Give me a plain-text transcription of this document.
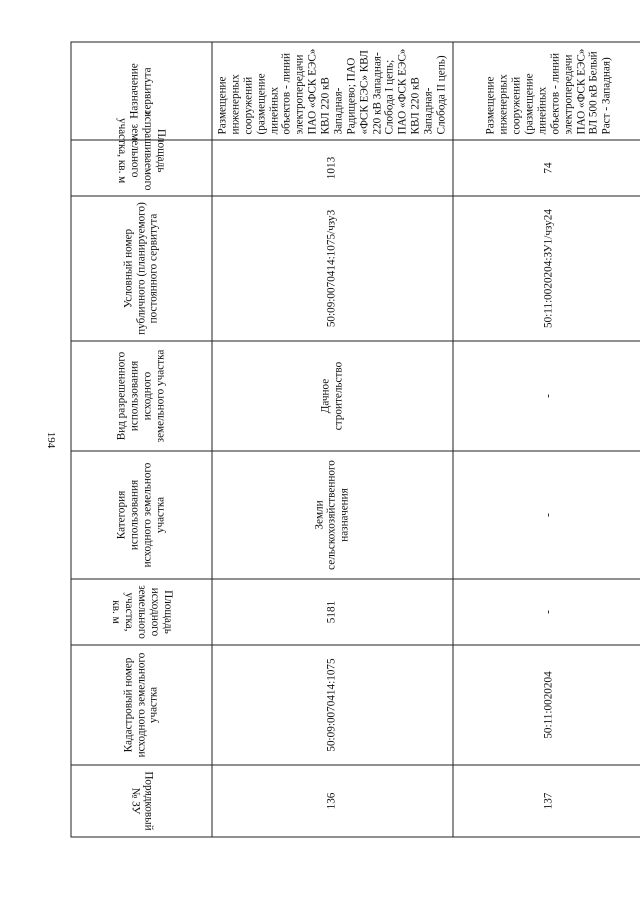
194
Порядковый № ЗУ	Кадастровый номер исходного земельного участка	Площадь исходного земельного участка, кв. м	Категория использования исходного земельного участка	Вид разрешенного использования исходного земельного участка	Условный номер публичного (планируемого) постоянного сервитута	Площадь испрашиваемого земельного участка, кв. м	Назначение сервитута
136	50:09:0070414:1075	5181	Земли сельскохозяйственного назначения	Дачное строительство	50:09:0070414:1075/чзу3	1013	Размещение инженерных сооружений (размещение линейных объектов - линий электропередачи ПАО «ФСК ЕЭС» КВЛ 220 кВ Западная-Радищево; ПАО «ФСК ЕЭС» КВЛ 220 кВ Западная-Слобода I цепь; ПАО «ФСК ЕЭС» КВЛ 220 кВ Западная-Слобода II цепь)
137	50:11:0020204	-	-	-	50:11:0020204:ЗУ1/чзу24	74	Размещение инженерных сооружений (размещение линейных объектов - линий электропередачи ПАО «ФСК ЕЭС» ВЛ 500 кВ Белый Раст - Западная)
